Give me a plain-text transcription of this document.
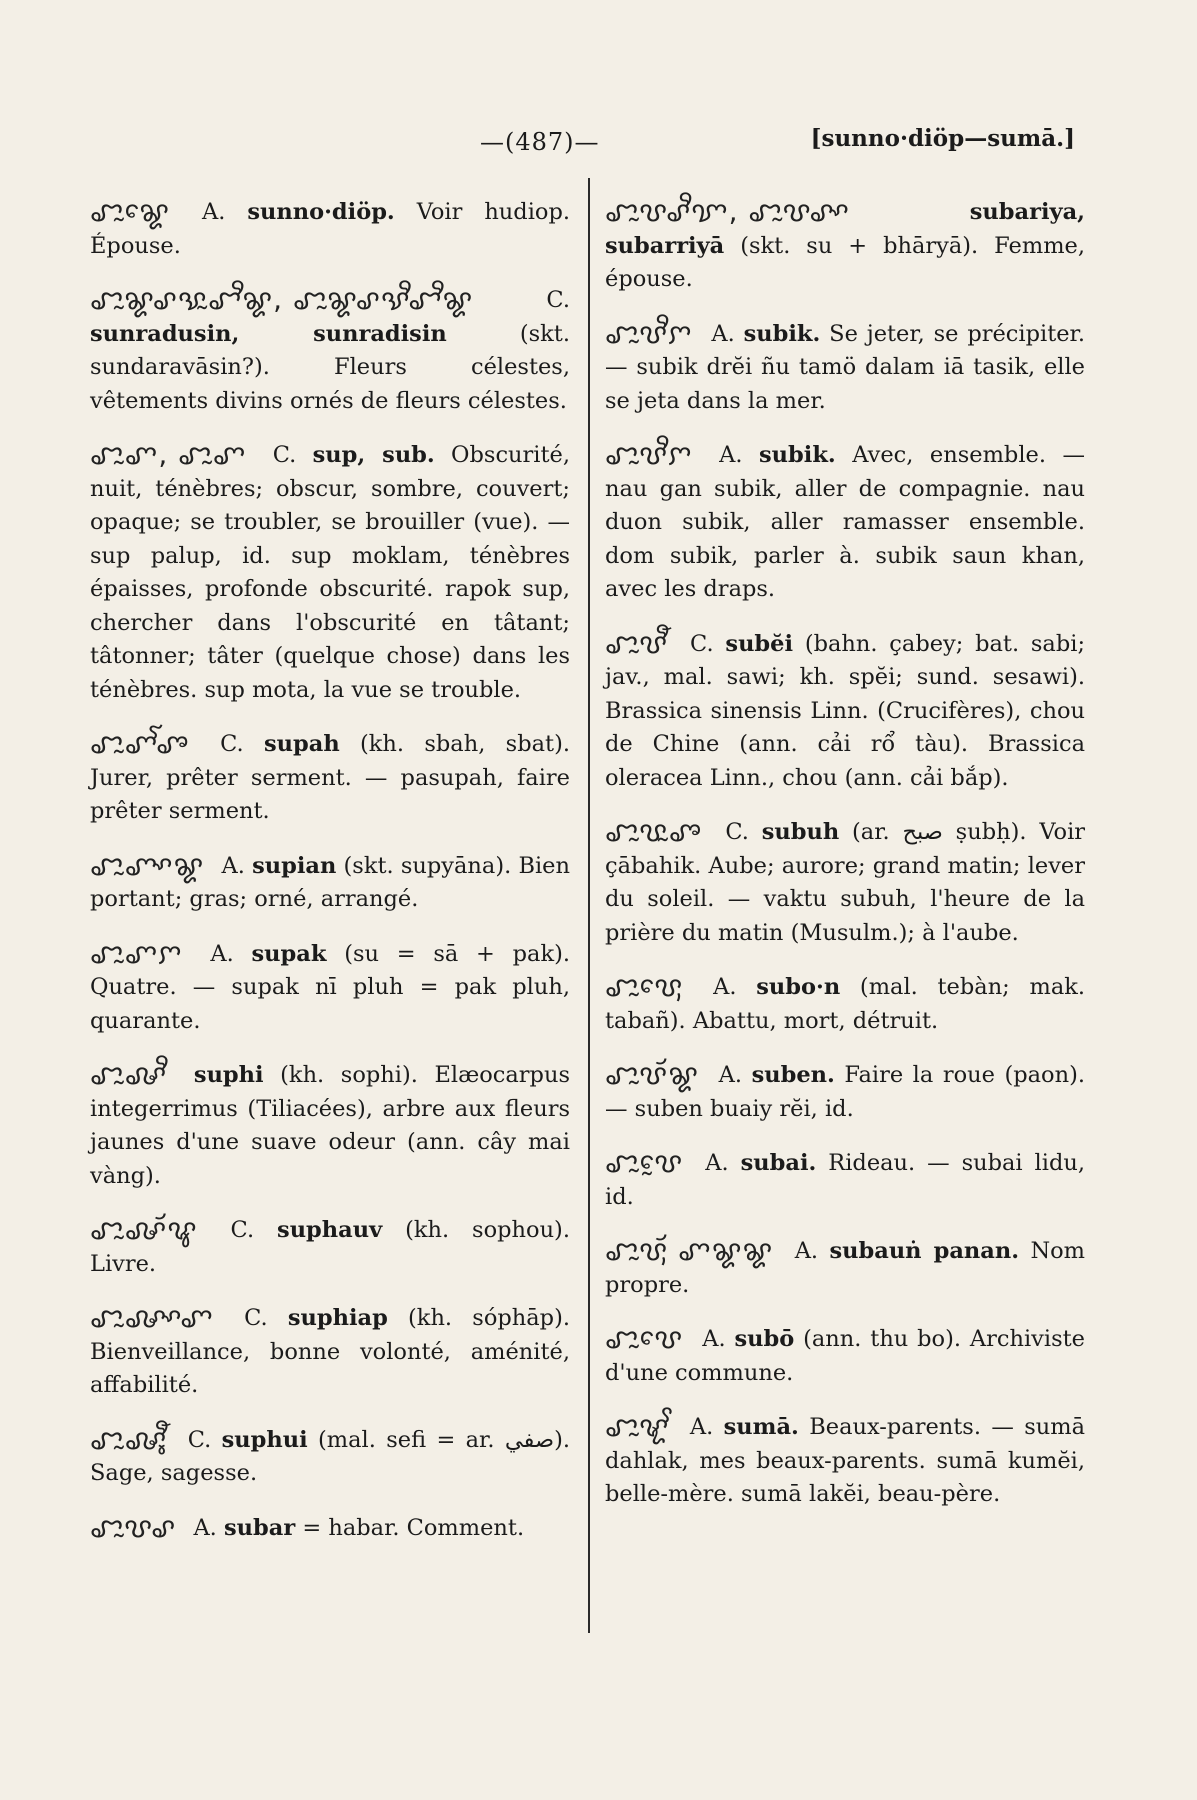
—(487)—	[sunno·diöp—sumā.]
ꨧꨭꨘꨯ A. sunno·diöp. Voir hudiop. Épouse.
ꨧꨭꨘꨣꨕꨭꨧꨪꨘ, ꨧꨭꨘꨣꨕꨪꨧꨪꨘ	C. sunradusin, sunradisin	(skt. sundaravāsin?). Fleurs célestes, vêtements divins ornés de fleurs célestes.
ꨧꨭꨚ, ꨧꨭꨚ C. sup, sub. Obscurité, nuit, ténèbres; obscur, sombre, couvert; opaque; se troubler, se brouiller (vue). — sup palup, id. sup moklam, ténèbres épaisses, profonde obscurité. rapok sup, chercher dans l'obscurité en tâtant; tâtonner; tâter (quelque chose) dans les ténèbres. sup mota, la vue se trouble.
ꨧꨭꨚꨱꨨ C. supah (kh. sbah, sbat). Jurer, prêter serment. — pasupah, faire prêter serment.
ꨧꨭꨚꨳꨘ A. supian (skt. supyāna). Bien portant; gras; orné, arrangé.
ꨧꨭꨚꨆ A. supak (su = sā + pak). Quatre. — supak nī pluh = pak pluh, quarante.
ꨧꨭꨜꨪ suphi (kh. sophi). Elæocarpus integerrimus (Tiliacées), arbre aux fleurs jaunes d'une suave odeur (ann. cây mai vàng).
ꨧꨭꨜꨮꨥ C. suphauv (kh. sophou). Livre.
ꨧꨭꨜꨳꨚ C. suphiap (kh. sóphāp). Bienveillance, bonne volonté, aménité, affabilité.
ꨧꨭꨜꨶꨬ C. suphui (mal. sefi = ar. صفي). Sage, sagesse.
ꨧꨭꨝꨣ A. subar = habar. Comment.
ꨧꨭꨝꨣꨪꨢ, ꨧꨭꨝꨣꨳ	subariya, subarriyā (skt. su + bhāryā). Femme, épouse.
ꨧꨭꨝꨪꨆ A. subik. Se jeter, se précipiter. — subik drĕi ñu tamö dalam iā tasik, elle se jeta dans la mer.
ꨧꨭꨝꨪꨆ A. subik. Avec, ensemble. — nau gan subik, aller de compagnie. nau duon subik, aller ramasser ensemble. dom subik, parler à. subik saun khan, avec les draps.
ꨧꨭꨝꨬ C. subĕi (bahn. çabey; bat. sabi; jav., mal. sawi; kh. spĕi; sund. sesawi). Brassica sinensis Linn. (Crucifères), chou de Chine (ann. cải rổ tàu). Brassica oleracea Linn., chou (ann. cải bắp).
ꨧꨭꨝꨭꨨ C. subuh (ar. صبح ṣubḥ). Voir çābahik. Aube; aurore; grand matin; lever du soleil. — vaktu subuh, l'heure de la prière du matin (Musulm.); à l'aube.
ꨧꨭꨝꨯꨲ A. subo·n (mal. tebàn; mak. tabañ). Abattu, mort, détruit.
ꨧꨭꨝꨮꨘ A. suben. Faire la roue (paon). — suben buaiy rĕi, id.
ꨧꨭꨝꨰ A. subai. Rideau. — subai lidu, id.
ꨧꨭꨝꨮꨲ ꨚꨘꨘ A. subauṅ panan. Nom propre.
ꨧꨭꨝꨯ A. subō (ann. thu bo). Archiviste d'une commune.
ꨧꨭꨠꨩ A. sumā. Beaux-parents. — sumā dahlak, mes beaux-parents. sumā kumĕi, belle-mère. sumā lakĕi, beau-père.
